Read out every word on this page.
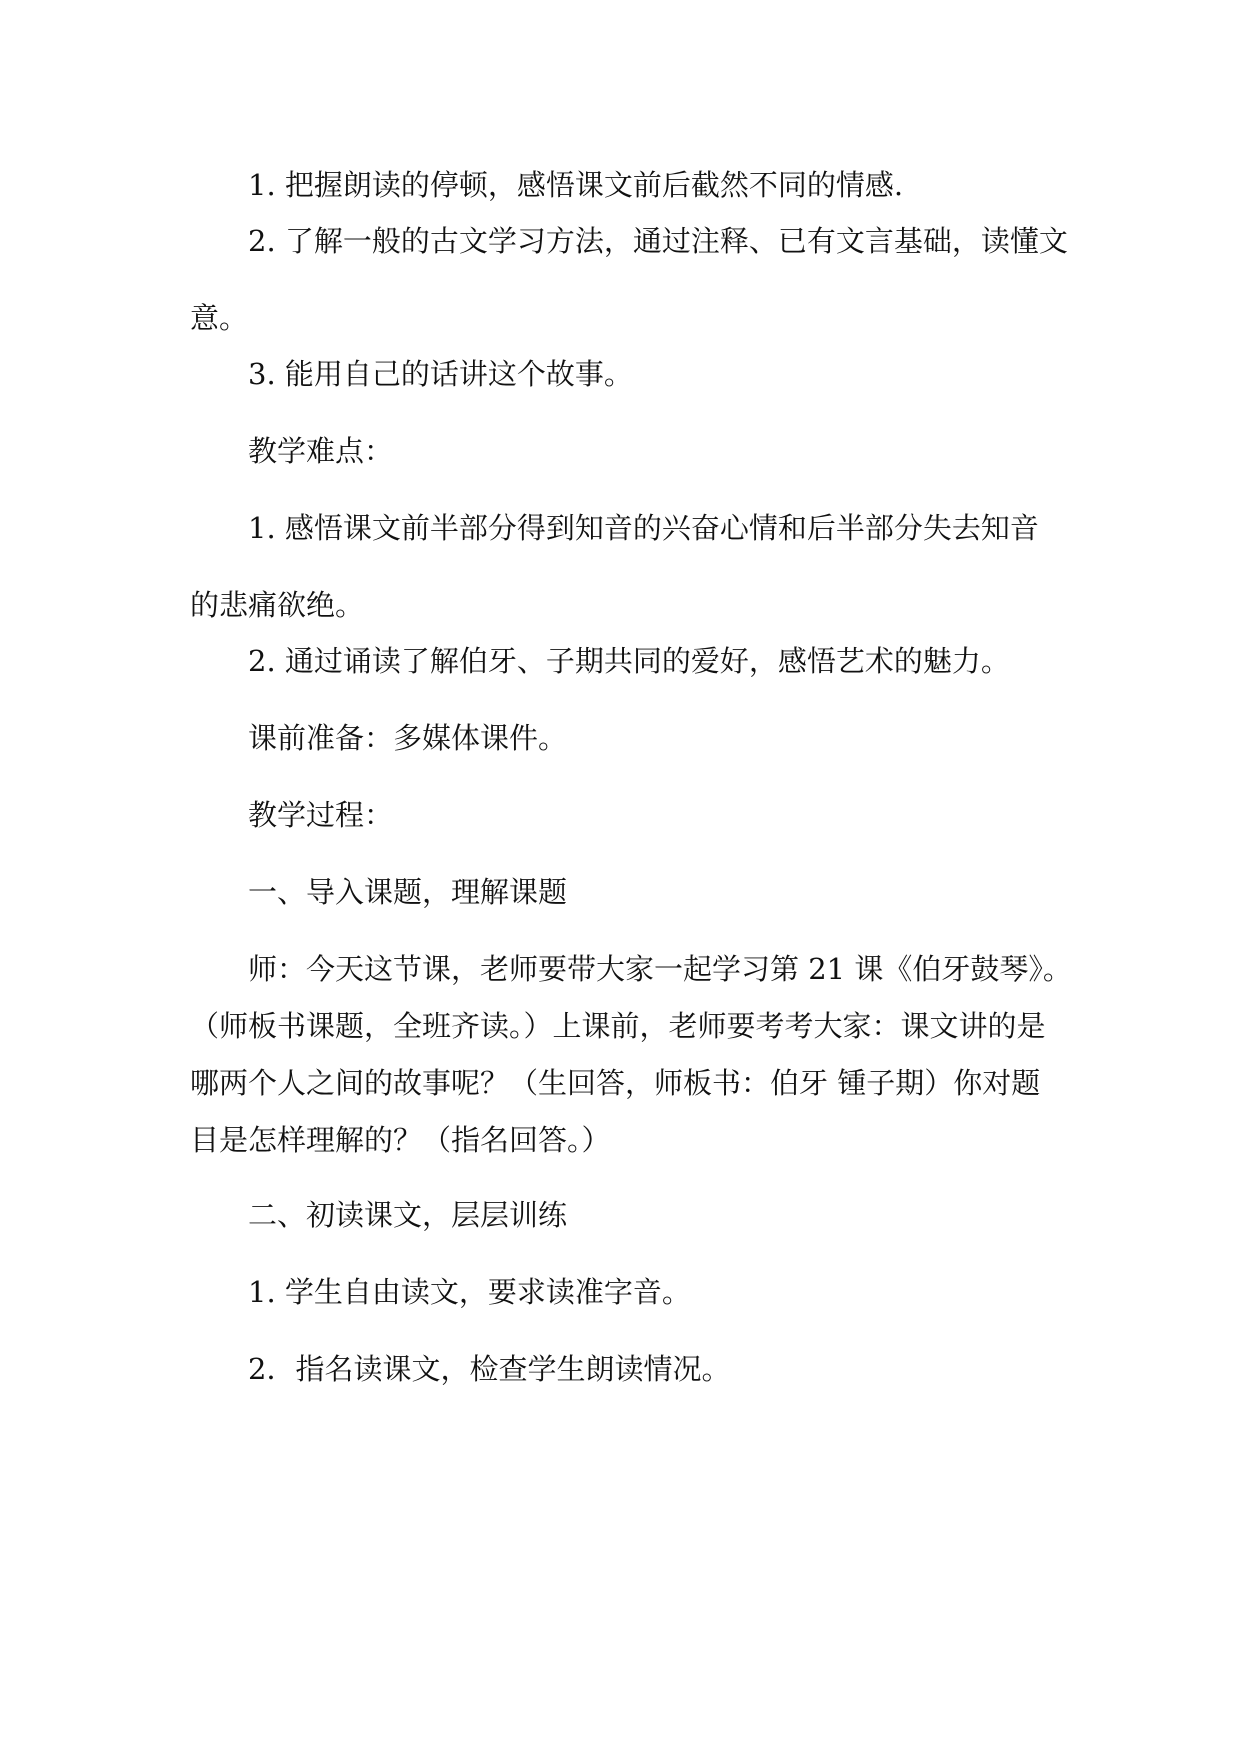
1. 把握朗读的停顿，感悟课文前后截然不同的情感.

2. 了解一般的古文学习方法，通过注释、已有文言基础，读懂文
意。

3. 能用自己的话讲这个故事。

教学难点：

1. 感悟课文前半部分得到知音的兴奋心情和后半部分失去知音
的悲痛欲绝。

2. 通过诵读了解伯牙、子期共同的爱好，感悟艺术的魅力。

课前准备：多媒体课件。

教学过程：

一、导入课题，理解课题

师：今天这节课，老师要带大家一起学习第 21 课《伯牙鼓琴》。
（师板书课题，全班齐读。）上课前，老师要考考大家：课文讲的是
哪两个人之间的故事呢？（生回答，师板书：伯牙 锺子期）你对题
目是怎样理解的？（指名回答。）

二、初读课文，层层训练

1. 学生自由读文，要求读准字音。

2．指名读课文，检查学生朗读情况。
